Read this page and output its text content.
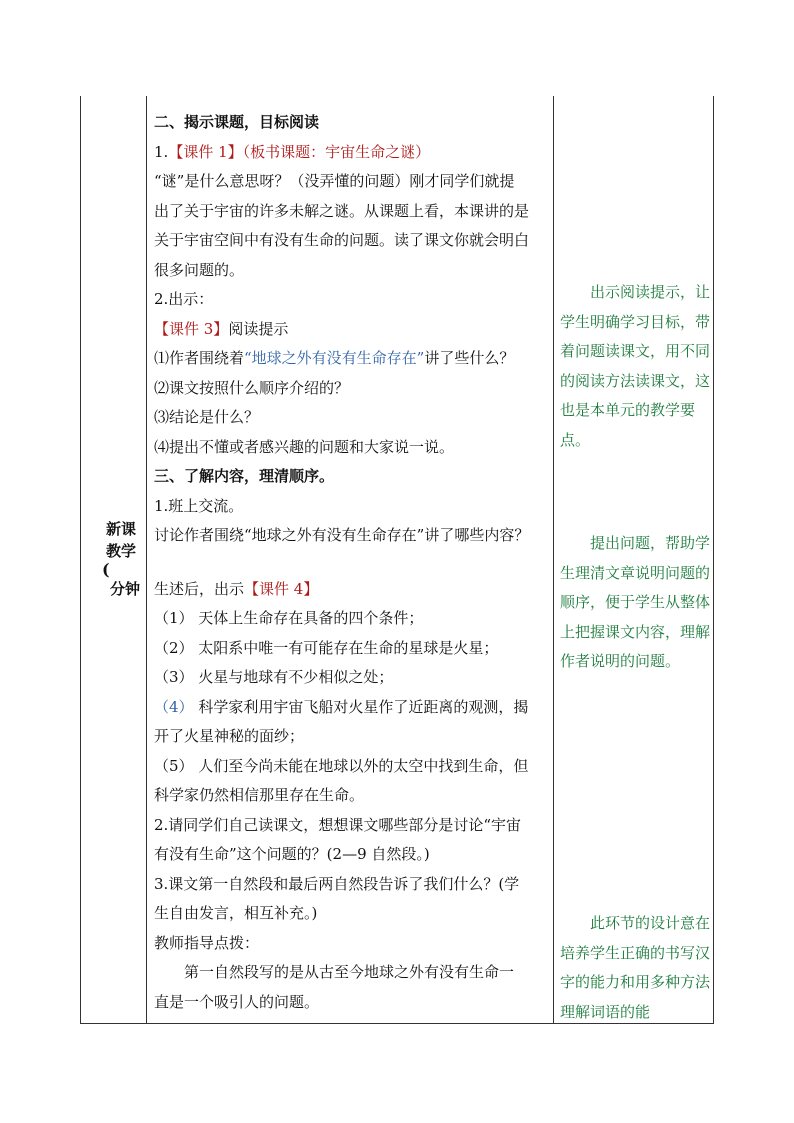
新课
教学
(
分钟

二、揭示课题，目标阅读

1.【课件 1】（板书课题：宇宙生命之谜）

“谜”是什么意思呀？（没弄懂的问题）刚才同学们就提

出了关于宇宙的许多未解之谜。从课题上看，本课讲的是

关于宇宙空间中有没有生命的问题。读了课文你就会明白

很多问题的。

2.出示：

【课件 3】阅读提示

⑴作者围绕着“地球之外有没有生命存在”讲了些什么？

⑵课文按照什么顺序介绍的？

⑶结论是什么？

⑷提出不懂或者感兴趣的问题和大家说一说。

三、了解内容，理清顺序。

1.班上交流。

讨论作者围绕“地球之外有没有生命存在”讲了哪些内容？

生述后，出示【课件 4】

（1） 天体上生命存在具备的四个条件；

（2） 太阳系中唯一有可能存在生命的星球是火星；

（3） 火星与地球有不少相似之处；

（4） 科学家利用宇宙飞船对火星作了近距离的观测，揭

开了火星神秘的面纱；

（5） 人们至今尚未能在地球以外的太空中找到生命，但

科学家仍然相信那里存在生命。

2.请同学们自己读课文，想想课文哪些部分是讨论“宇宙

有没有生命”这个问题的？(2—9 自然段。)

3.课文第一自然段和最后两自然段告诉了我们什么？(学

生自由发言，相互补充。)

教师指导点拨：

第一自然段写的是从古至今地球之外有没有生命一

直是一个吸引人的问题。

出示阅读提示，让学生明确学习目标，带着问题读课文，用不同的阅读方法读课文，这也是本单元的教学要点。

提出问题，帮助学生理清文章说明问题的顺序，便于学生从整体上把握课文内容，理解作者说明的问题。

此环节的设计意在培养学生正确的书写汉字的能力和用多种方法理解词语的能
